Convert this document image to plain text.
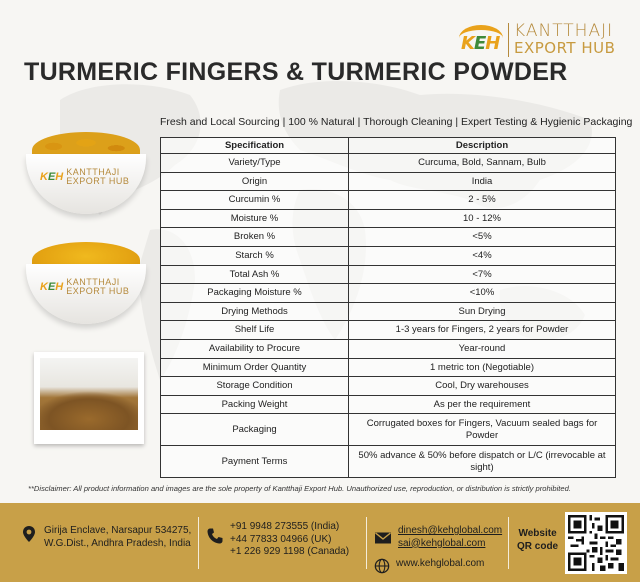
KEH
KANTTHAJI
EXPORT HUB
TURMERIC FINGERS & TURMERIC POWDER
Fresh and Local Sourcing | 100 % Natural | Thorough Cleaning | Expert Testing & Hygienic Packaging
KEH KANTTHAJI
EXPORT HUB
KEH KANTTHAJI
EXPORT HUB
Specification	Description
Variety/Type	Curcuma, Bold, Sannam, Bulb
Origin	India
Curcumin %	2 - 5%
Moisture %	10 - 12%
Broken %	<5%
Starch %	<4%
Total Ash %	<7%
Packaging Moisture %	<10%
Drying Methods	Sun Drying
Shelf Life	1-3 years for Fingers, 2 years for Powder
Availability to Procure	Year-round
Minimum Order Quantity	1 metric ton (Negotiable)
Storage Condition	Cool, Dry warehouses
Packing Weight	As per the requirement
Packaging	Corrugated boxes for Fingers, Vacuum sealed bags for Powder
Payment Terms	50% advance & 50% before dispatch or L/C (irrevocable at sight)
**Disclaimer: All product information and images are the sole property of Kantthaji Export Hub. Unauthorized use, reproduction, or distribution is strictly prohibited.
Girija Enclave, Narsapur 534275,
W.G.Dist., Andhra Pradesh, India
+91 9948 273555 (India)
+44 77833 04966 (UK)
+1 226 929 1198 (Canada)
dinesh@kehglobal.com
sai@kehglobal.com
www.kehglobal.com
Website
QR code
